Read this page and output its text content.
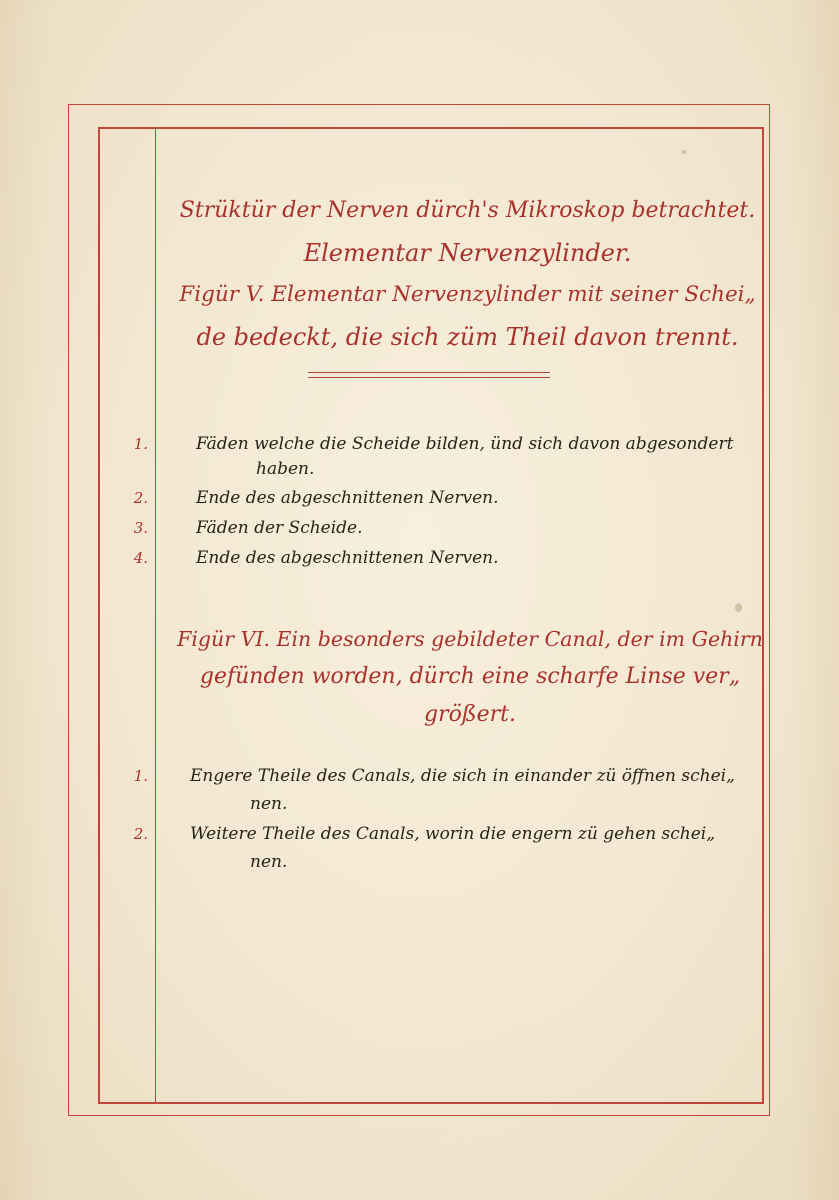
Strüktür der Nerven dürch's Mikroskop betrachtet.
Elementar Nervenzylinder.
Figür V. Elementar Nervenzylinder mit seiner Schei„
de bedeckt, die sich züm Theil davon trennt.
1.	Fäden welche die Scheide bilden, ünd sich davon abgesondert
haben.
2.	Ende des abgeschnittenen Nerven.
3.	Fäden der Scheide.
4.	Ende des abgeschnittenen Nerven.
Figür VI. Ein besonders gebildeter Canal, der im Gehirn
gefünden worden, dürch eine scharfe Linse ver„
größert.
1. Engere Theile des Canals, die sich in einander zü öffnen schei„
nen.
2. Weitere Theile des Canals, worin die engern zü gehen schei„
nen.
